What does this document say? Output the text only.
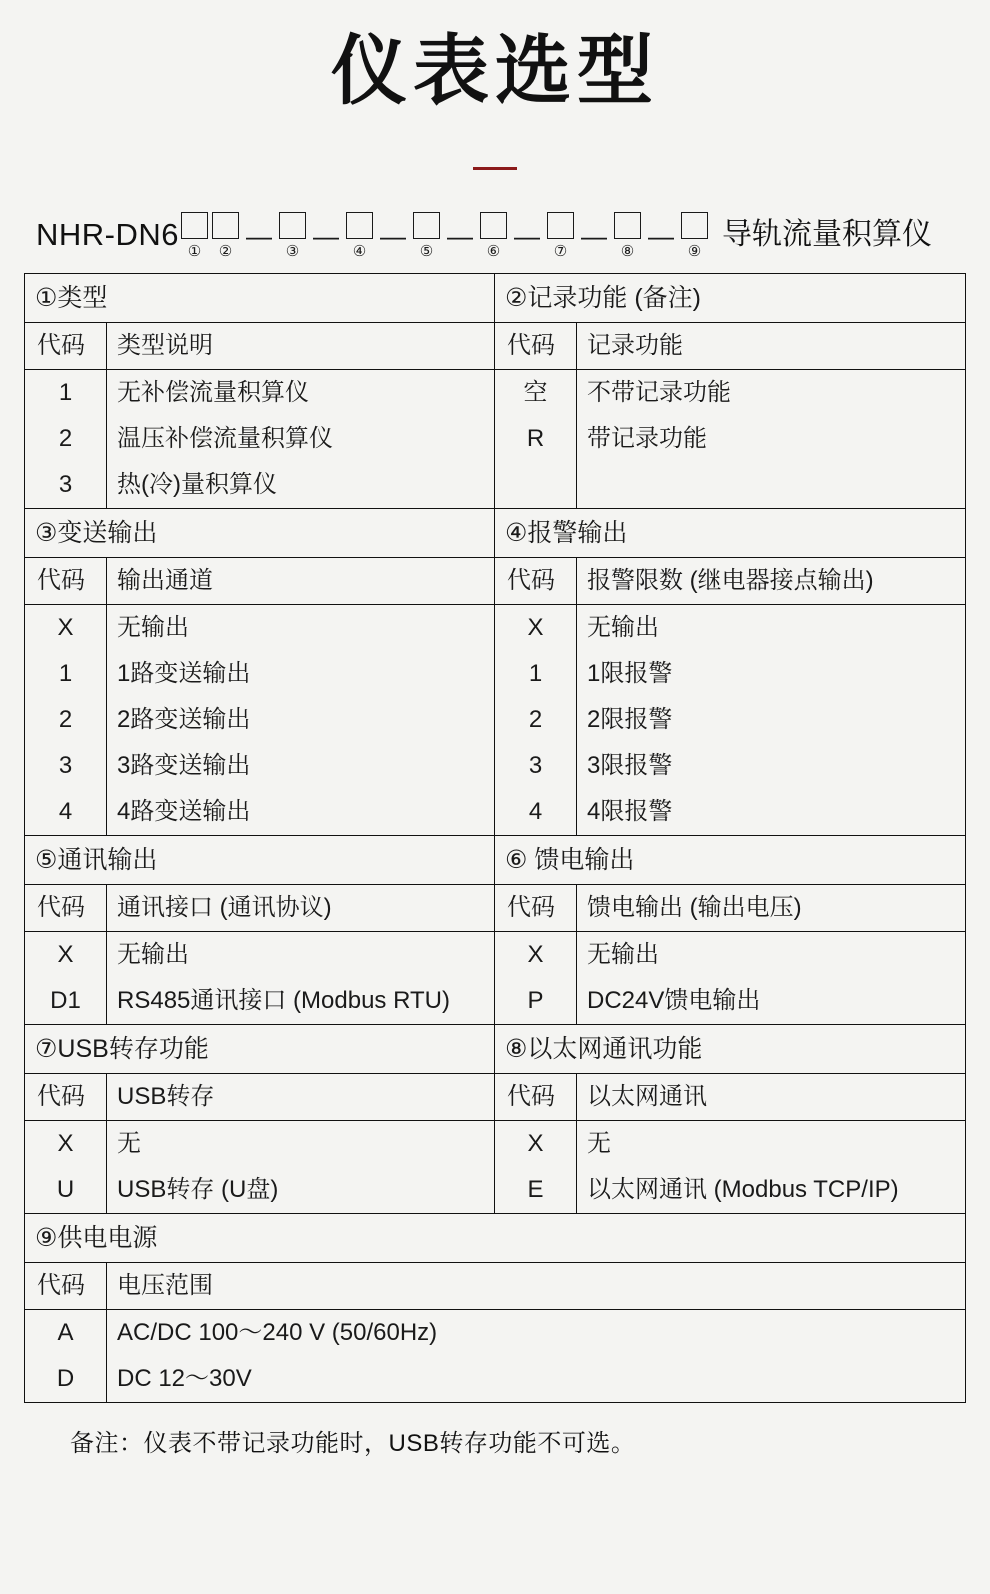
仪表选型
NHR-DN6 ① ②
—
③
—
④
—
⑤
—
⑥
—
⑦
—
⑧
—
⑨
导轨流量积算仪
①类型
代码	类型说明
1	无补偿流量积算仪
2	温压补偿流量积算仪
3	热(冷)量积算仪
②记录功能 (备注)
代码	记录功能
空	不带记录功能
R	带记录功能

③变送输出
代码	输出通道
X	无输出
1	1路变送输出
2	2路变送输出
3	3路变送输出
4	4路变送输出
④报警输出
代码	报警限数 (继电器接点输出)
X	无输出
1	1限报警
2	2限报警
3	3限报警
4	4限报警
⑤通讯输出
代码	通讯接口 (通讯协议)
X	无输出
D1	RS485通讯接口 (Modbus RTU)
⑥ 馈电输出
代码	馈电输出 (输出电压)
X	无输出
P	DC24V馈电输出
⑦USB转存功能
代码	USB转存
X	无
U	USB转存 (U盘)
⑧以太网通讯功能
代码	以太网通讯
X	无
E	以太网通讯 (Modbus TCP/IP)
⑨供电电源
代码	电压范围
A	AC/DC 100～240 V (50/60Hz)
D	DC 12～30V
备注：仪表不带记录功能时，USB转存功能不可选。
